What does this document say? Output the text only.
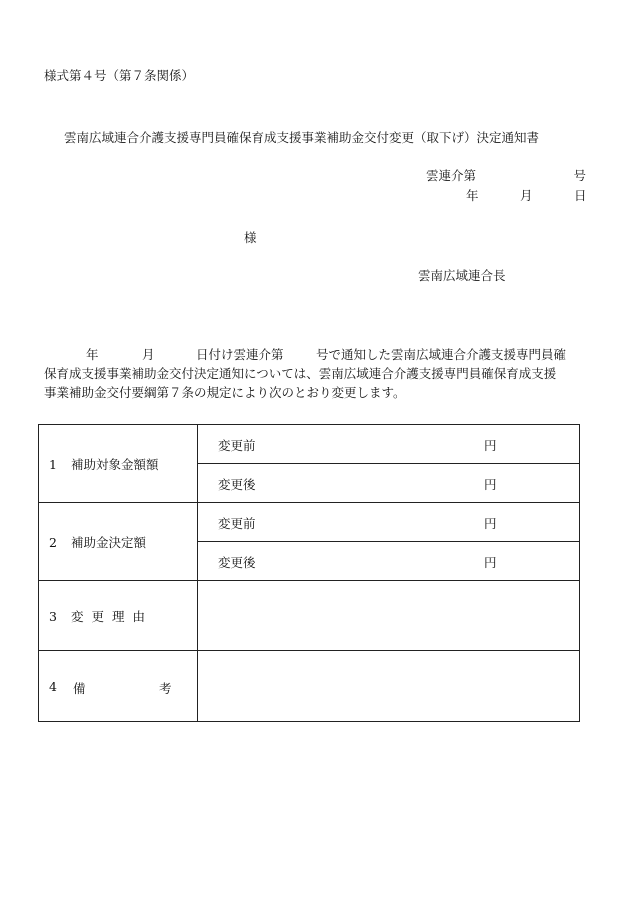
様式第４号（第７条関係）
雲南広域連合介護支援専門員確保育成支援事業補助金交付変更（取下げ）決定通知書
雲連介第	号
年	月	日
様
雲南広域連合長
年	月	日付け雲連介第	号で通知した雲南広域連合介護支援専門員確
保育成支援事業補助金交付決定通知については、雲南広域連合介護支援専門員確保育成支援
事業補助金交付要綱第７条の規定により次のとおり変更します。
1 補助対象金額額	変更前 円

	変更後 円

2 補助金決定額	変更前 円

	変更後 円

3 変更理由	

4 備 考	
